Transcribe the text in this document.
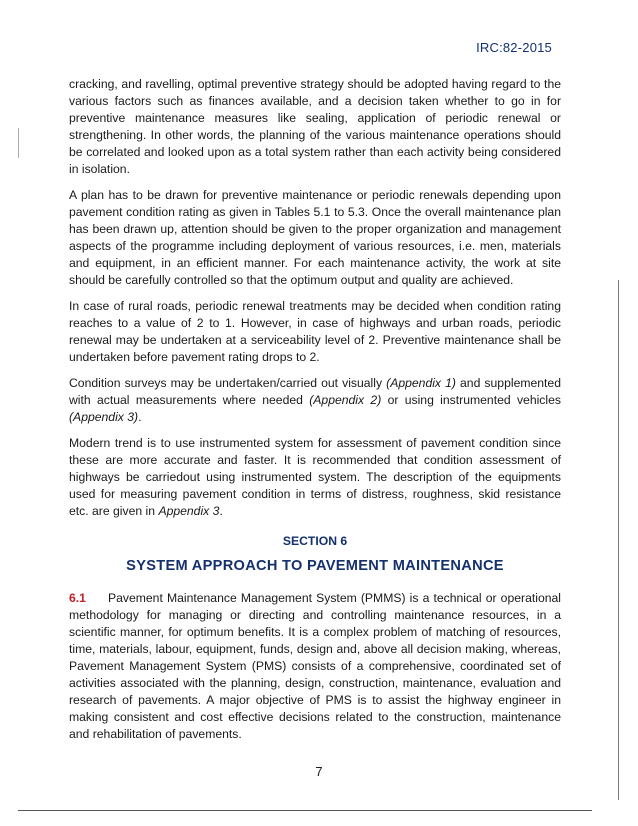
IRC:82-2015

cracking, and ravelling, optimal preventive strategy should be adopted having regard to the various factors such as finances available, and a decision taken whether to go in for preventive maintenance measures like sealing, application of periodic renewal or strengthening. In other words, the planning of the various maintenance operations should be correlated and looked upon as a total system rather than each activity being considered in isolation.

A plan has to be drawn for preventive maintenance or periodic renewals depending upon pavement condition rating as given in Tables 5.1 to 5.3. Once the overall maintenance plan has been drawn up, attention should be given to the proper organization and management aspects of the programme including deployment of various resources, i.e. men, materials and equipment, in an efficient manner. For each maintenance activity, the work at site should be carefully controlled so that the optimum output and quality are achieved.

In case of rural roads, periodic renewal treatments may be decided when condition rating reaches to a value of 2 to 1. However, in case of highways and urban roads, periodic renewal may be undertaken at a serviceability level of 2. Preventive maintenance shall be undertaken before pavement rating drops to 2.

Condition surveys may be undertaken/carried out visually (Appendix 1) and supplemented with actual measurements where needed (Appendix 2) or using instrumented vehicles (Appendix 3).

Modern trend is to use instrumented system for assessment of pavement condition since these are more accurate and faster. It is recommended that condition assessment of highways be carriedout using instrumented system. The description of the equipments used for measuring pavement condition in terms of distress, roughness, skid resistance etc. are given in Appendix 3.

SECTION 6
SYSTEM APPROACH TO PAVEMENT MAINTENANCE

6.1 Pavement Maintenance Management System (PMMS) is a technical or operational methodology for managing or directing and controlling maintenance resources, in a scientific manner, for optimum benefits. It is a complex problem of matching of resources, time, materials, labour, equipment, funds, design and, above all decision making, whereas, Pavement Management System (PMS) consists of a comprehensive, coordinated set of activities associated with the planning, design, construction, maintenance, evaluation and research of pavements. A major objective of PMS is to assist the highway engineer in making consistent and cost effective decisions related to the construction, maintenance and rehabilitation of pavements.

7
